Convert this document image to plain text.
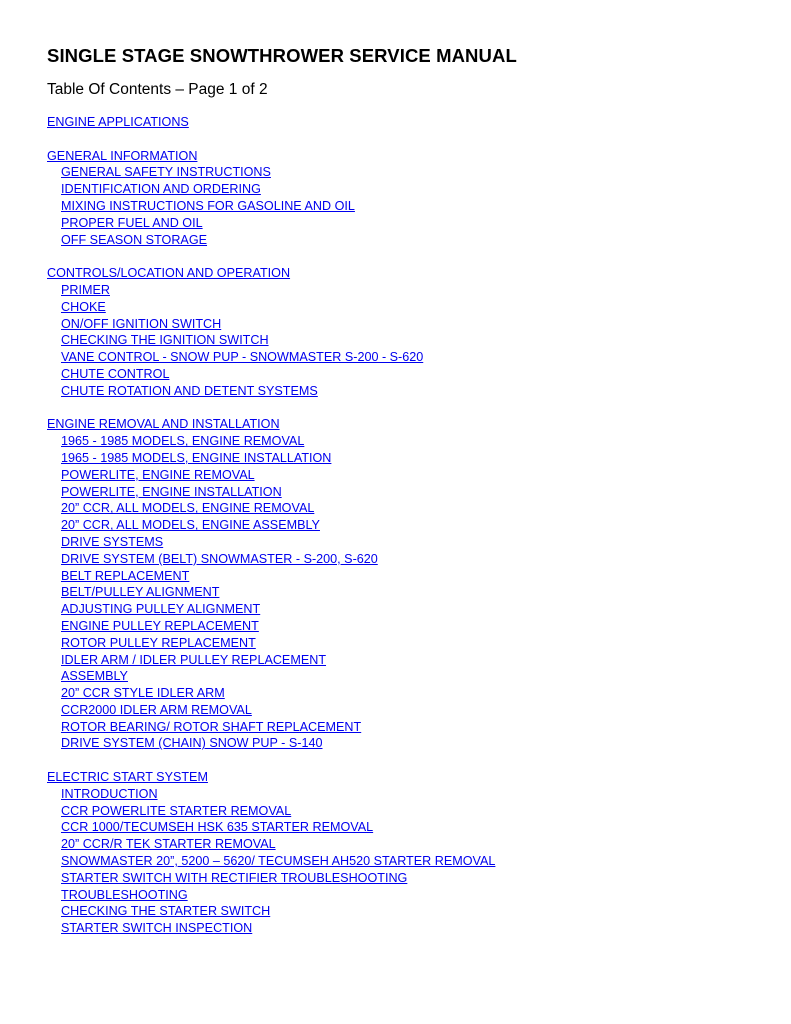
SINGLE STAGE SNOWTHROWER SERVICE MANUAL

Table Of Contents – Page 1 of 2

ENGINE APPLICATIONS
GENERAL INFORMATION
GENERAL SAFETY INSTRUCTIONS
IDENTIFICATION AND ORDERING
MIXING INSTRUCTIONS FOR GASOLINE AND OIL
PROPER FUEL AND OIL
OFF SEASON STORAGE
CONTROLS/LOCATION AND OPERATION
PRIMER
CHOKE
ON/OFF IGNITION SWITCH
CHECKING THE IGNITION SWITCH
VANE CONTROL - SNOW PUP - SNOWMASTER S-200 - S-620
CHUTE CONTROL
CHUTE ROTATION AND DETENT SYSTEMS
ENGINE REMOVAL AND INSTALLATION
1965 - 1985 MODELS, ENGINE REMOVAL
1965 - 1985 MODELS, ENGINE INSTALLATION
POWERLITE, ENGINE REMOVAL
POWERLITE, ENGINE INSTALLATION
20” CCR, ALL MODELS, ENGINE REMOVAL
20” CCR, ALL MODELS, ENGINE ASSEMBLY
DRIVE SYSTEMS
DRIVE SYSTEM (BELT) SNOWMASTER - S-200, S-620
BELT REPLACEMENT
BELT/PULLEY ALIGNMENT
ADJUSTING PULLEY ALIGNMENT
ENGINE PULLEY REPLACEMENT
ROTOR PULLEY REPLACEMENT
IDLER ARM / IDLER PULLEY REPLACEMENT
ASSEMBLY
20” CCR STYLE IDLER ARM
CCR2000 IDLER ARM REMOVAL
ROTOR BEARING/ ROTOR SHAFT REPLACEMENT
DRIVE SYSTEM (CHAIN) SNOW PUP - S-140
ELECTRIC START SYSTEM
INTRODUCTION
CCR POWERLITE STARTER REMOVAL
CCR 1000/TECUMSEH HSK 635 STARTER REMOVAL
20” CCR/R TEK STARTER REMOVAL
SNOWMASTER 20”, 5200 – 5620/ TECUMSEH AH520 STARTER REMOVAL
STARTER SWITCH WITH RECTIFIER TROUBLESHOOTING
TROUBLESHOOTING
CHECKING THE STARTER SWITCH
STARTER SWITCH INSPECTION
